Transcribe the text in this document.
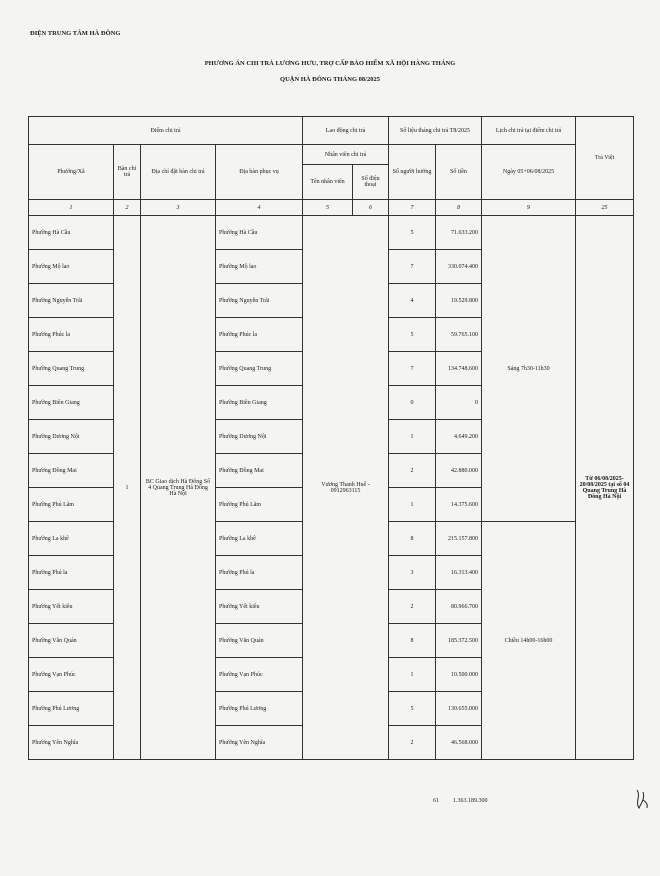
ĐIỆN TRUNG TÂM HÀ ĐÔNG
PHƯƠNG ÁN CHI TRẢ LƯƠNG HƯU, TRỢ CẤP BẢO HIỂM XÃ HỘI HÀNG THÁNG
QUẬN HÀ ĐÔNG THÁNG 08/2025
Điểm chi trả				Lao động chi trả		Số liệu tháng chi trả T8/2025		Lịch chi trả tại điểm chi trả	Trả Việt
Phường/Xã	Bàn chi trả	Địa chỉ đặt bàn chi trả	Địa bàn phục vụ	Nhân viên chi trả		Số người hưởng	Số tiền	Ngày 05+06/08/2025	
				Tên nhân viên	Số điện thoại				
1	2	3	4	5	6	7	8	9	25
Phường Hà Cầu	1	BC Giao dịch Hà Đông Số 4 Quang Trung Hà Đông Hà Nội	Phường Hà Cầu	Vương Thanh Huế - 0912963115		5	71.633.200	Sáng 7h30-11h30	Từ 06/08/2025-20/08/2025 tại số 04 Quang Trung Hà Đông Hà Nội
Phường Mộ lao			Phường Mộ lao			7	330.074.400		
Phường Nguyễn Trãi			Phường Nguyễn Trãi			4	19.529.800		
Phường Phúc la			Phường Phúc la			5	59.765.100		
Phường Quang Trung			Phường Quang Trung			7	134.748.600		
Phường Biên Giang			Phường Biên Giang			0	0		
Phường Dương Nội			Phường Dương Nội			1	4.649.200		
Phường Đồng Mai			Phường Đồng Mai			2	42.880.000		
Phường Phú Lãm			Phường Phú Lãm			1	14.375.600		
Phường La khê			Phường La khê			8	215.157.800	Chiều 14h00-16h00	
Phường Phú la			Phường Phú la			3	16.313.400		
Phường Yết kiêu			Phường Yết kiêu			2	80.966.700		
Phường Văn Quán			Phường Văn Quán			8	185.372.500		
Phường Vạn Phúc			Phường Vạn Phúc			1	10.500.000		
Phường Phú Lương			Phường Phú Lương			5	130.655.000		
Phường Yên Nghĩa			Phường Yên Nghĩa			2	46.568.000		
61 1.363.189.300
